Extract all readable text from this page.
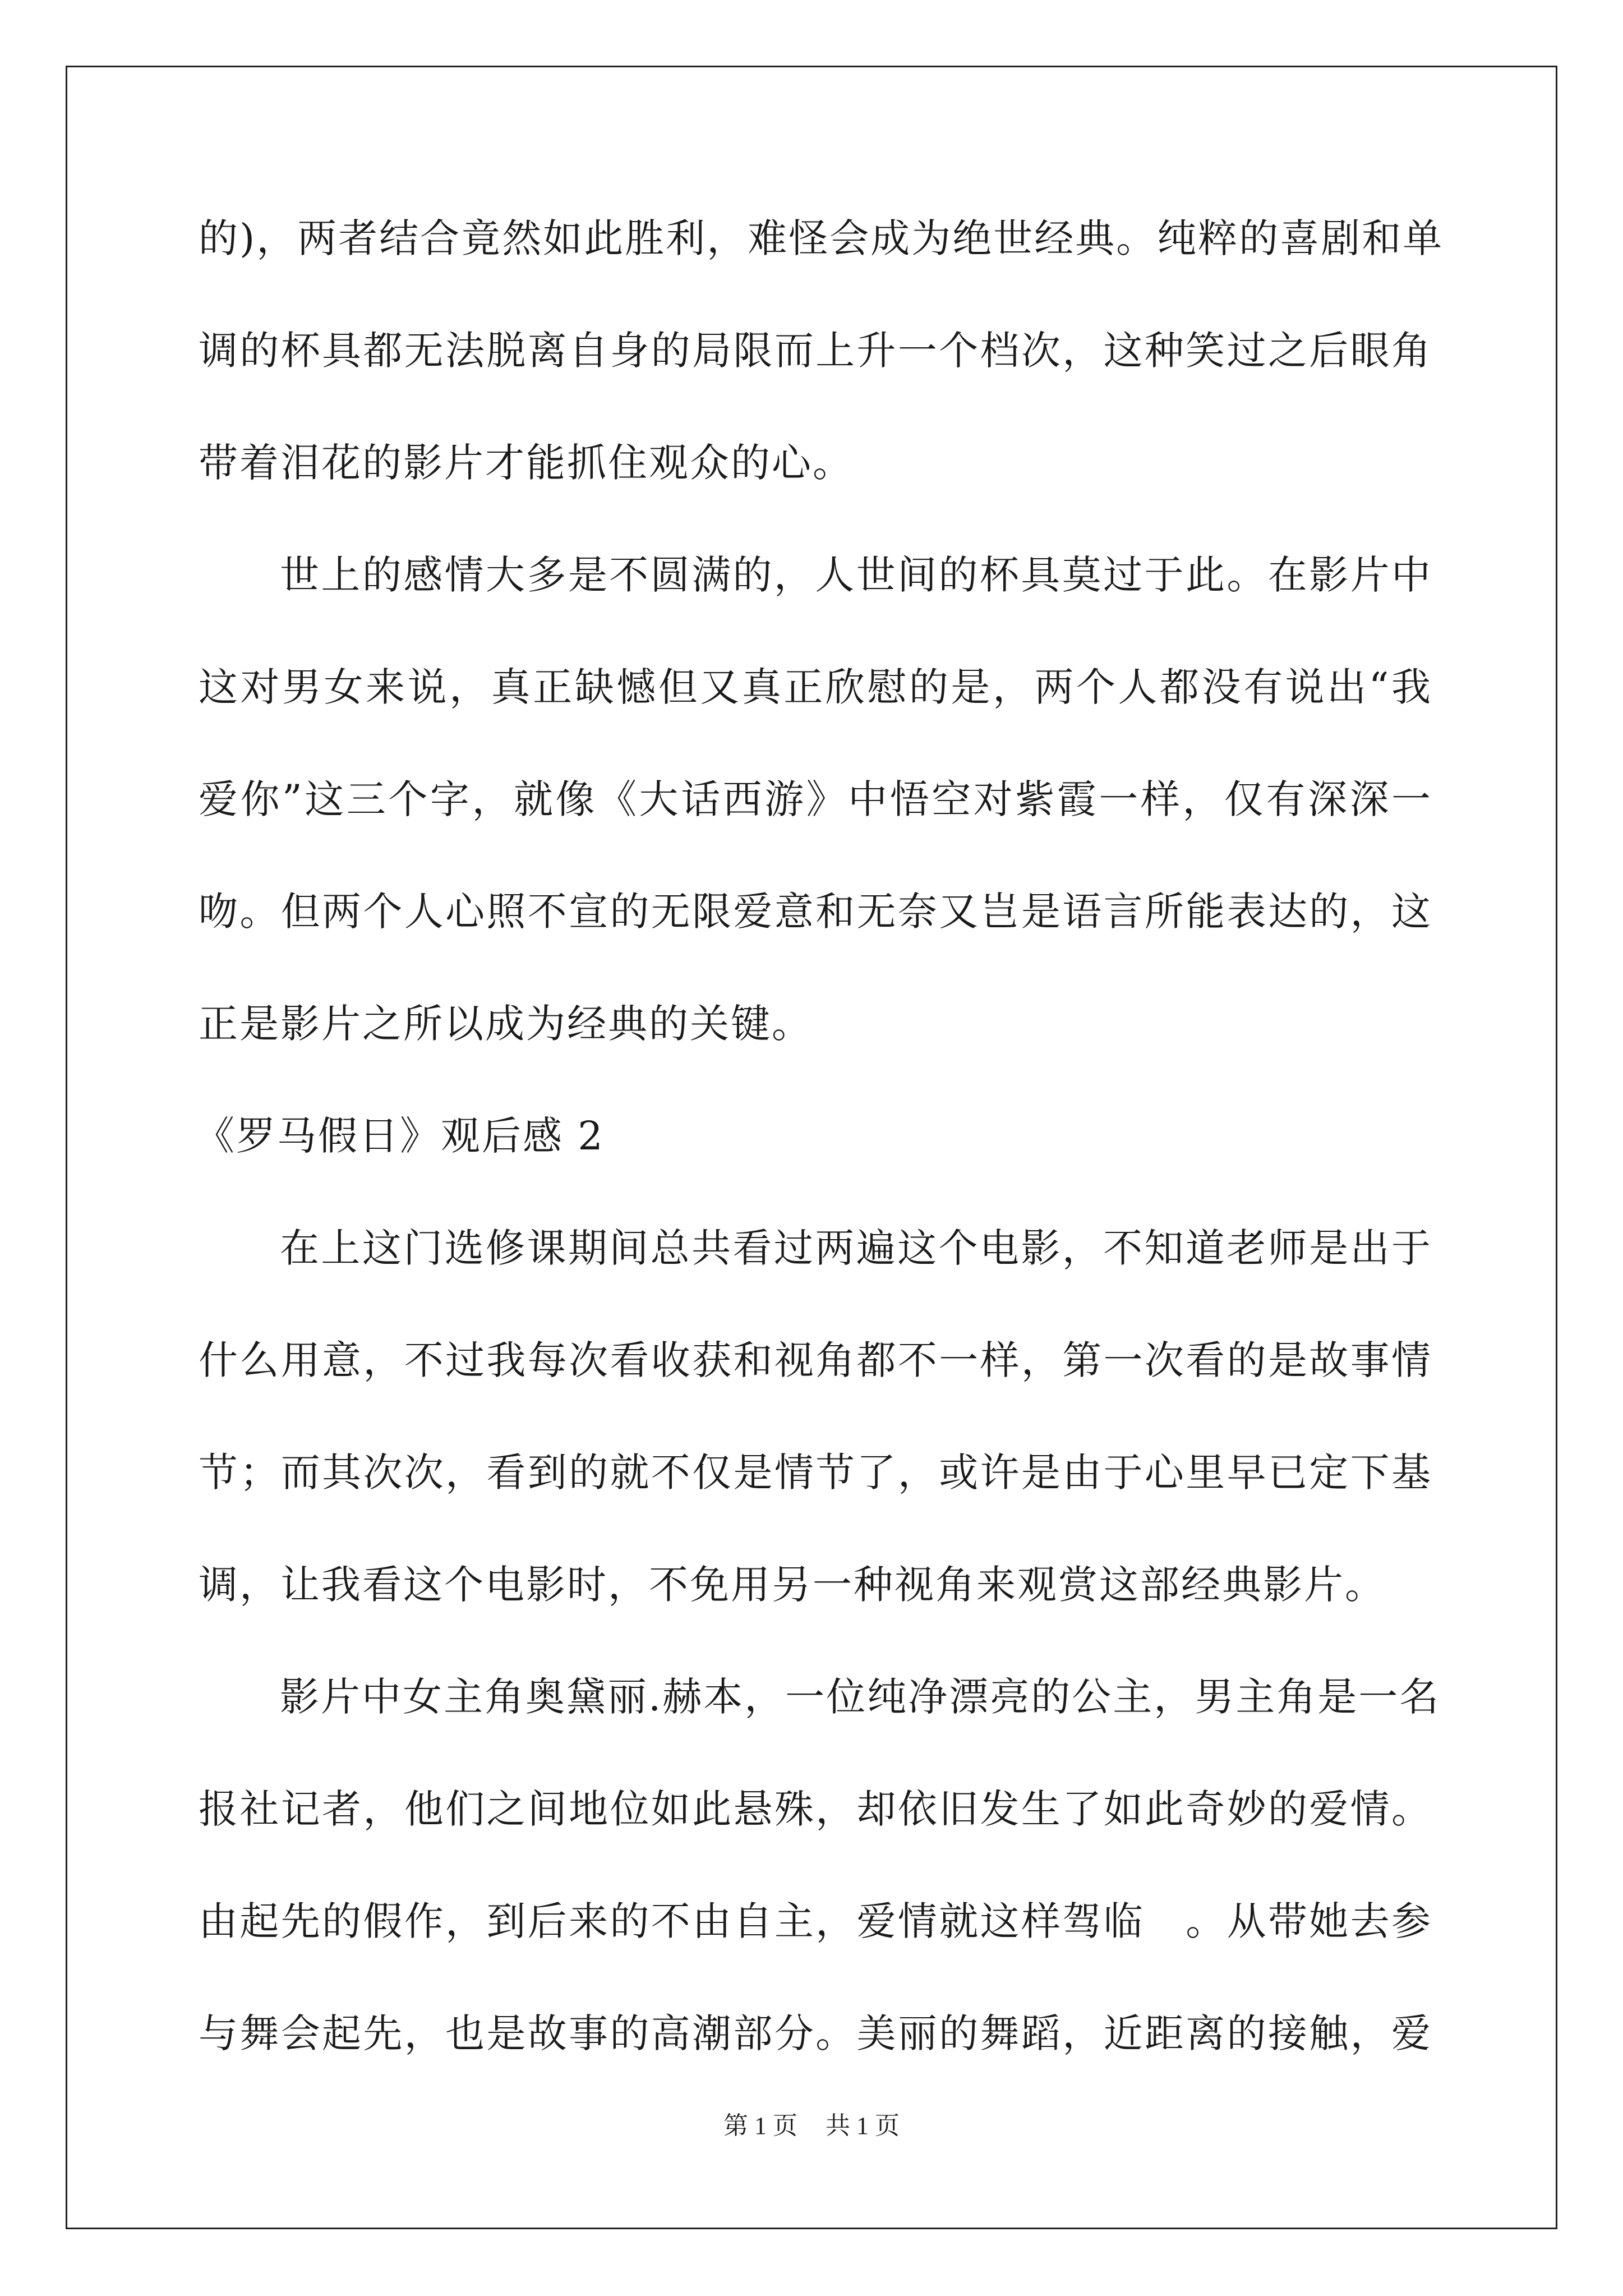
的)，两者结合竟然如此胜利，难怪会成为绝世经典。纯粹的喜剧和单
调的杯具都无法脱离自身的局限而上升一个档次，这种笑过之后眼角
带着泪花的影片才能抓住观众的心。
世上的感情大多是不圆满的，人世间的杯具莫过于此。在影片中
这对男女来说，真正缺憾但又真正欣慰的是，两个人都没有说出“我
爱你”这三个字，就像《大话西游》中悟空对紫霞一样，仅有深深一
吻。但两个人心照不宣的无限爱意和无奈又岂是语言所能表达的，这
正是影片之所以成为经典的关键。
《罗马假日》观后感 2
在上这门选修课期间总共看过两遍这个电影，不知道老师是出于
什么用意，不过我每次看收获和视角都不一样，第一次看的是故事情
节；而其次次，看到的就不仅是情节了，或许是由于心里早已定下基
调，让我看这个电影时，不免用另一种视角来观赏这部经典影片。
影片中女主角奥黛丽.赫本，一位纯净漂亮的公主，男主角是一名
报社记者，他们之间地位如此悬殊，却依旧发生了如此奇妙的爱情。
由起先的假作，到后来的不由自主，爱情就这样驾临　。从带她去参
与舞会起先，也是故事的高潮部分。美丽的舞蹈，近距离的接触，爱
第 1 页 共 1 页
